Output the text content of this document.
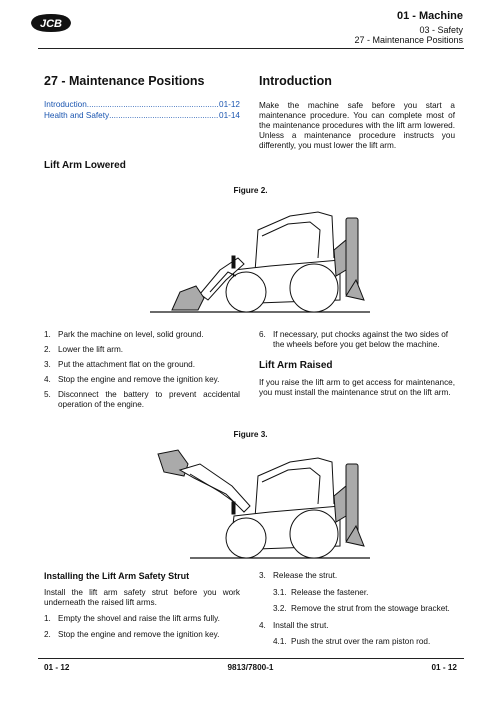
JCB
01 - Machine
03 - Safety
27 - Maintenance Positions
27 - Maintenance Positions
Introduction .....	01-12
Health and Safety .....	01-14
Lift Arm Lowered
Introduction

Make the machine safe before you start a maintenance procedure. You can complete most of the maintenance procedures with the lift arm lowered. Unless a maintenance procedure instructs you differently, you must lower the lift arm.

Figure 2.
1. Park the machine on level, solid ground.
2. Lower the lift arm.
3. Put the attachment flat on the ground.
4. Stop the engine and remove the ignition key.
5. Disconnect the battery to prevent accidental operation of the engine.
6. If necessary, put chocks against the two sides of the wheels before you get below the machine.
Lift Arm Raised

If you raise the lift arm to get access for maintenance, you must install the maintenance strut on the lift arm.

Figure 3.
Installing the Lift Arm Safety Strut

Install the lift arm safety strut before you work underneath the raised lift arms.

1. Empty the shovel and raise the lift arms fully.
2. Stop the engine and remove the ignition key.
3. Release the strut.
3.1. Release the fastener.
3.2. Remove the strut from the stowage bracket.
4. Install the strut.
4.1. Push the strut over the ram piston rod.
01 - 12	9813/7800-1	01 - 12
